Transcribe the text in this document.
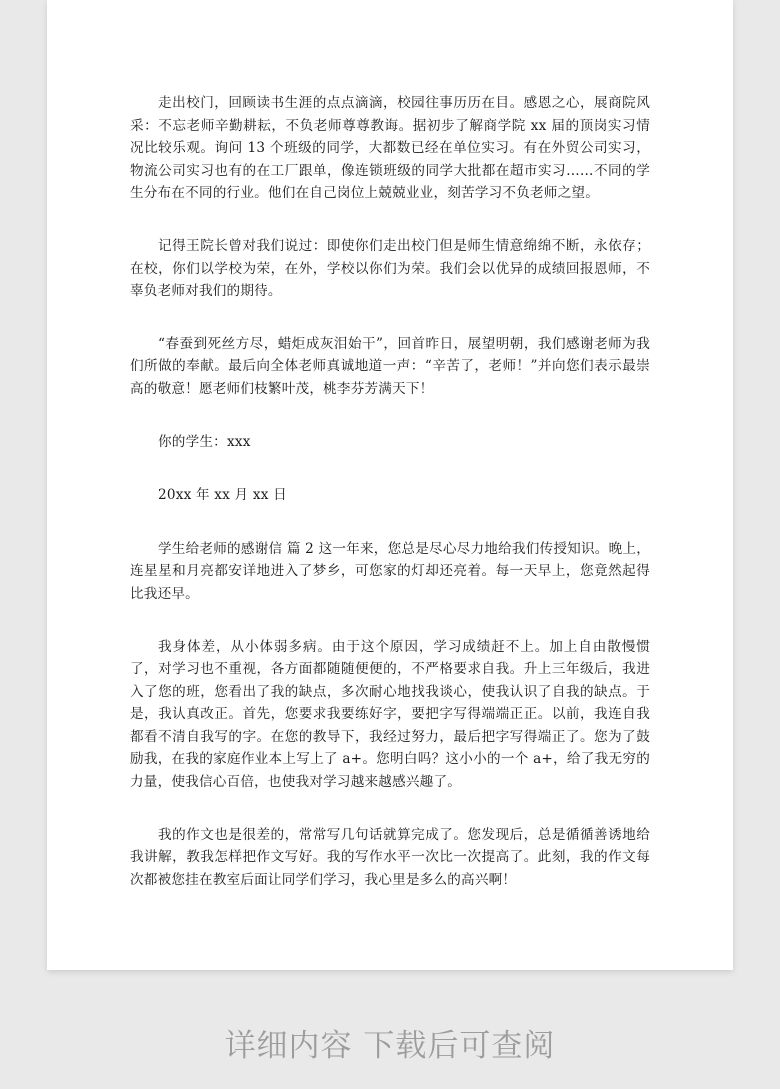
走出校门，回顾读书生涯的点点滴滴，校园往事历历在目。感恩之心，展商院风采：不忘老师辛勤耕耘，不负老师尊尊教诲。据初步了解商学院 xx 届的顶岗实习情况比较乐观。询问 13 个班级的同学，大都数已经在单位实习。有在外贸公司实习，物流公司实习也有的在工厂跟单，像连锁班级的同学大批都在超市实习……不同的学生分布在不同的行业。他们在自己岗位上兢兢业业，刻苦学习不负老师之望。

记得王院长曾对我们说过：即使你们走出校门但是师生情意绵绵不断，永依存；在校，你们以学校为荣，在外，学校以你们为荣。我们会以优异的成绩回报恩师，不辜负老师对我们的期待。

“春蚕到死丝方尽，蜡炬成灰泪始干”，回首昨日，展望明朝，我们感谢老师为我们所做的奉献。最后向全体老师真诚地道一声：“辛苦了，老师！”并向您们表示最崇高的敬意！愿老师们枝繁叶茂，桃李芬芳满天下！

你的学生：xxx

20xx 年 xx 月 xx 日

学生给老师的感谢信 篇 2 这一年来，您总是尽心尽力地给我们传授知识。晚上，连星星和月亮都安详地进入了梦乡，可您家的灯却还亮着。每一天早上，您竟然起得比我还早。

我身体差，从小体弱多病。由于这个原因，学习成绩赶不上。加上自由散慢惯了，对学习也不重视，各方面都随随便便的，不严格要求自我。升上三年级后，我进入了您的班，您看出了我的缺点，多次耐心地找我谈心，使我认识了自我的缺点。于是，我认真改正。首先，您要求我要练好字，要把字写得端端正正。以前，我连自我都看不清自我写的字。在您的教导下，我经过努力，最后把字写得端正了。您为了鼓励我，在我的家庭作业本上写上了 a+。您明白吗？这小小的一个 a+，给了我无穷的力量，使我信心百倍，也使我对学习越来越感兴趣了。

我的作文也是很差的，常常写几句话就算完成了。您发现后，总是循循善诱地给我讲解，教我怎样把作文写好。我的写作水平一次比一次提高了。此刻，我的作文每次都被您挂在教室后面让同学们学习，我心里是多么的高兴啊！

详细内容 下载后可查阅
